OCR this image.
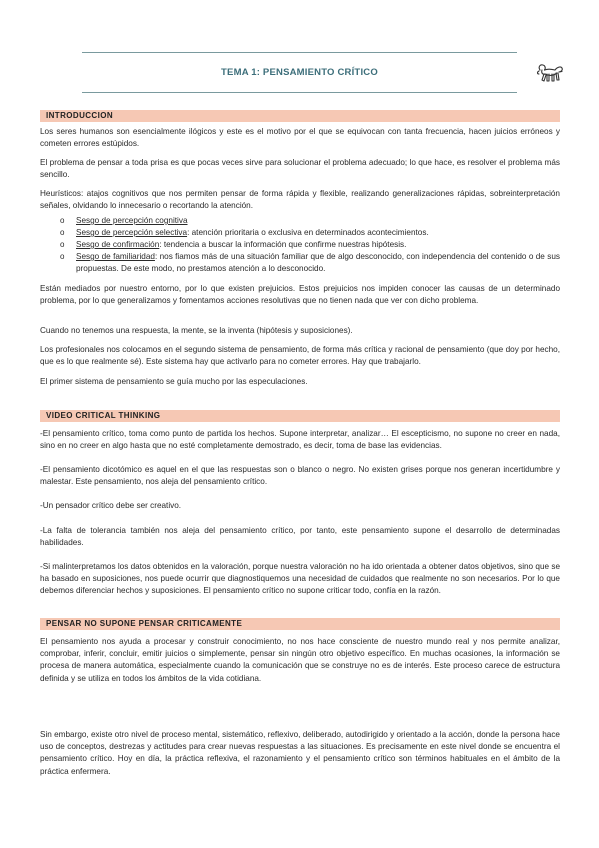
TEMA 1: PENSAMIENTO CRÍTICO
INTRODUCCION
Los seres humanos son esencialmente ilógicos y este es el motivo por el que se equivocan con tanta frecuencia, hacen juicios erróneos y cometen errores estúpidos.
El problema de pensar a toda prisa es que pocas veces sirve para solucionar el problema adecuado; lo que hace, es resolver el problema más sencillo.
Heurísticos: atajos cognitivos que nos permiten pensar de forma rápida y flexible, realizando generalizaciones rápidas, sobreinterpretación señales, olvidando lo innecesario o recortando la atención.
o Sesgo de percepción cognitiva
o Sesgo de percepción selectiva: atención prioritaria o exclusiva en determinados acontecimientos.
o Sesgo de confirmación: tendencia a buscar la información que confirme nuestras hipótesis.
o Sesgo de familiaridad: nos fiamos más de una situación familiar que de algo desconocido, con independencia del contenido o de sus propuestas. De este modo, no prestamos atención a lo desconocido.
Están mediados por nuestro entorno, por lo que existen prejuicios. Estos prejuicios nos impiden conocer las causas de un determinado problema, por lo que generalizamos y fomentamos acciones resolutivas que no tienen nada que ver con dicho problema.
Cuando no tenemos una respuesta, la mente, se la inventa (hipótesis y suposiciones).
Los profesionales nos colocamos en el segundo sistema de pensamiento, de forma más crítica y racional de pensamiento (que doy por hecho, que es lo que realmente sé). Este sistema hay que activarlo para no cometer errores. Hay que trabajarlo.
El primer sistema de pensamiento se guía mucho por las especulaciones.
VIDEO CRITICAL THINKING
-El pensamiento crítico, toma como punto de partida los hechos. Supone interpretar, analizar… El escepticismo, no supone no creer en nada, sino en no creer en algo hasta que no esté completamente demostrado, es decir, toma de base las evidencias.
-El pensamiento dicotómico es aquel en el que las respuestas son o blanco o negro. No existen grises porque nos generan incertidumbre y malestar. Este pensamiento, nos aleja del pensamiento crítico.
-Un pensador crítico debe ser creativo.
-La falta de tolerancia también nos aleja del pensamiento crítico, por tanto, este pensamiento supone el desarrollo de determinadas habilidades.
-Si malinterpretamos los datos obtenidos en la valoración, porque nuestra valoración no ha ido orientada a obtener datos objetivos, sino que se ha basado en suposiciones, nos puede ocurrir que diagnostiquemos una necesidad de cuidados que realmente no son necesarios. Por lo que debemos diferenciar hechos y suposiciones. El pensamiento crítico no supone criticar todo, confía en la razón.
PENSAR NO SUPONE PENSAR CRITICAMENTE
El pensamiento nos ayuda a procesar y construir conocimiento, no nos hace consciente de nuestro mundo real y nos permite analizar, comprobar, inferir, concluir, emitir juicios o simplemente, pensar sin ningún otro objetivo específico. En muchas ocasiones, la información se procesa de manera automática, especialmente cuando la comunicación que se construye no es de interés. Este proceso carece de estructura definida y se utiliza en todos los ámbitos de la vida cotidiana.
Sin embargo, existe otro nivel de proceso mental, sistemático, reflexivo, deliberado, autodirigido y orientado a la acción, donde la persona hace uso de conceptos, destrezas y actitudes para crear nuevas respuestas a las situaciones. Es precisamente en este nivel donde se encuentra el pensamiento crítico. Hoy en día, la práctica reflexiva, el razonamiento y el pensamiento crítico son términos habituales en el ámbito de la práctica enfermera.
